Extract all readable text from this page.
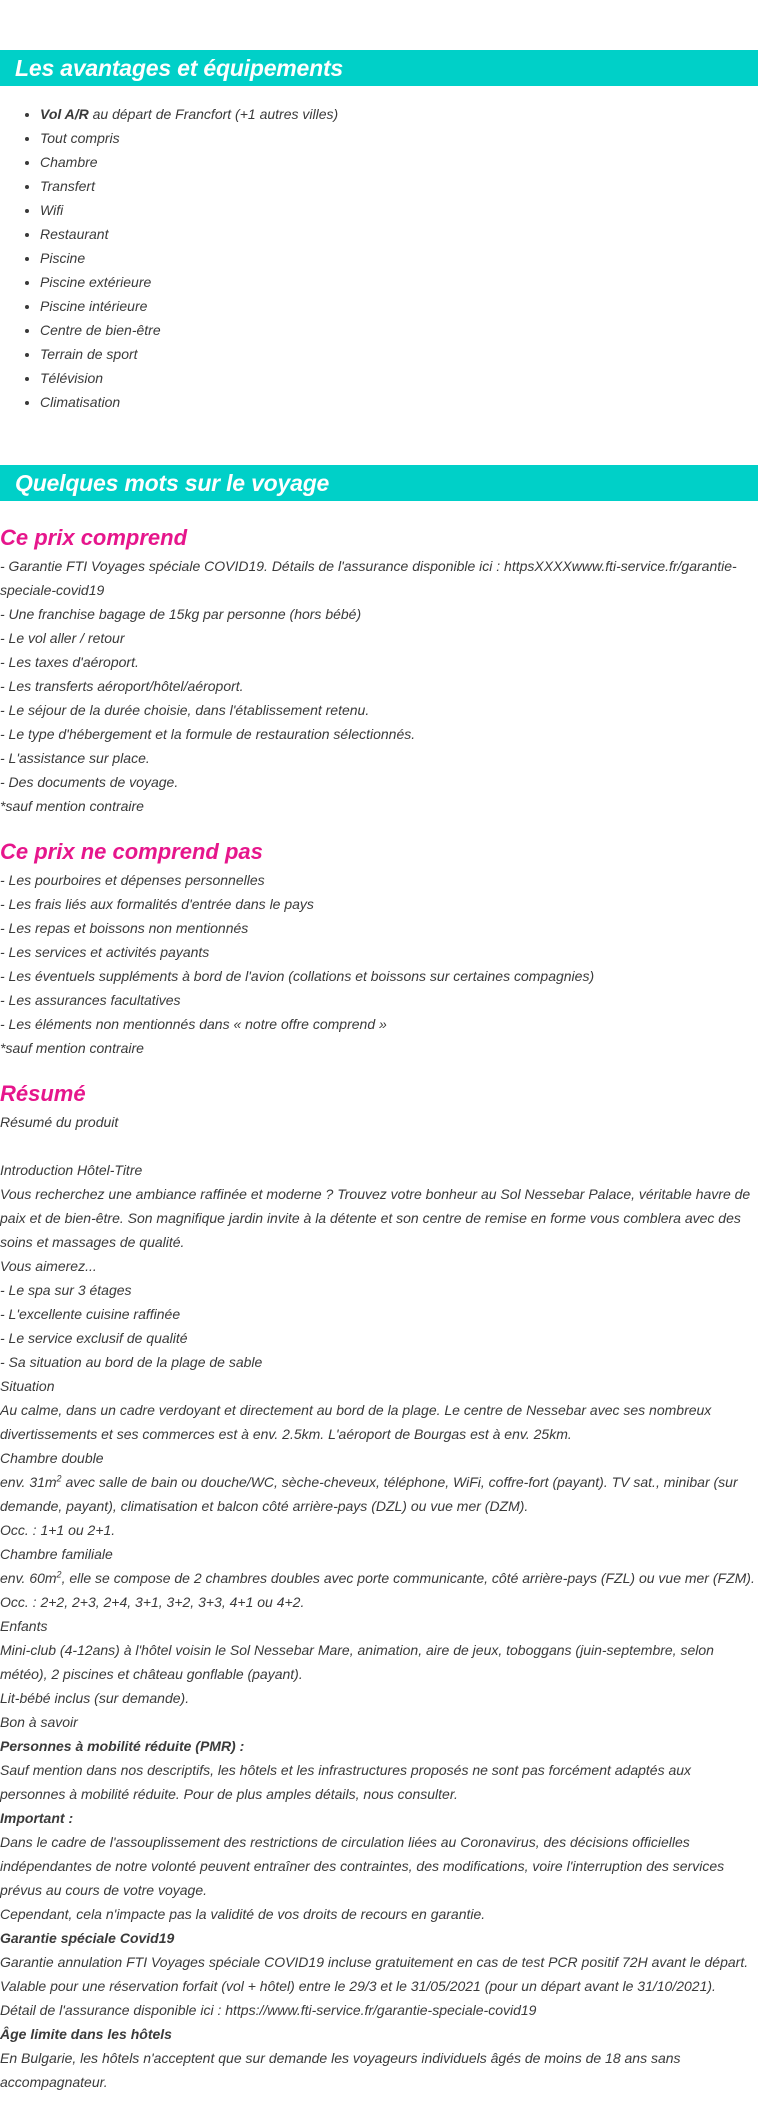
Les avantages et équipements
• Vol A/R au départ de Francfort (+1 autres villes)
• Tout compris
• Chambre
• Transfert
• Wifi
• Restaurant
• Piscine
• Piscine extérieure
• Piscine intérieure
• Centre de bien-être
• Terrain de sport
• Télévision
• Climatisation
Quelques mots sur le voyage
Ce prix comprend
- Garantie FTI Voyages spéciale COVID19. Détails de l'assurance disponible ici : httpsXXXXwww.fti-service.fr/garantie-speciale-covid19
- Une franchise bagage de 15kg par personne (hors bébé)
- Le vol aller / retour
- Les taxes d'aéroport.
- Les transferts aéroport/hôtel/aéroport.
- Le séjour de la durée choisie, dans l'établissement retenu.
- Le type d'hébergement et la formule de restauration sélectionnés.
- L'assistance sur place.
- Des documents de voyage.
*sauf mention contraire
Ce prix ne comprend pas
- Les pourboires et dépenses personnelles
- Les frais liés aux formalités d'entrée dans le pays
- Les repas et boissons non mentionnés
- Les services et activités payants
- Les éventuels suppléments à bord de l'avion (collations et boissons sur certaines compagnies)
- Les assurances facultatives
- Les éléments non mentionnés dans « notre offre comprend »
*sauf mention contraire
Résumé
Résumé du produit
Introduction Hôtel-Titre
Vous recherchez une ambiance raffinée et moderne ? Trouvez votre bonheur au Sol Nessebar Palace, véritable havre de paix et de bien-être. Son magnifique jardin invite à la détente et son centre de remise en forme vous comblera avec des soins et massages de qualité.
Vous aimerez...
- Le spa sur 3 étages
- L'excellente cuisine raffinée
- Le service exclusif de qualité
- Sa situation au bord de la plage de sable
Situation
Au calme, dans un cadre verdoyant et directement au bord de la plage. Le centre de Nessebar avec ses nombreux divertissements et ses commerces est à env. 2.5km. L'aéroport de Bourgas est à env. 25km.
Chambre double
env. $31m^2$ avec salle de bain ou douche/WC, sèche-cheveux, téléphone, WiFi, coffre-fort (payant). TV sat., minibar (sur demande, payant), climatisation et balcon côté arrière-pays (DZL) ou vue mer (DZM).
Occ. : 1+1 ou 2+1.
Chambre familiale
env. $60m^2$, elle se compose de 2 chambres doubles avec porte communicante, côté arrière-pays (FZL) ou vue mer (FZM).
Occ. : 2+2, 2+3, 2+4, 3+1, 3+2, 3+3, 4+1 ou 4+2.
Enfants
Mini-club (4-12ans) à l'hôtel voisin le Sol Nessebar Mare, animation, aire de jeux, toboggans (juin-septembre, selon météo), 2 piscines et château gonflable (payant).
Lit-bébé inclus (sur demande).
Bon à savoir
Personnes à mobilité réduite (PMR) :
Sauf mention dans nos descriptifs, les hôtels et les infrastructures proposés ne sont pas forcément adaptés aux personnes à mobilité réduite. Pour de plus amples détails, nous consulter.
Important :
Dans le cadre de l'assouplissement des restrictions de circulation liées au Coronavirus, des décisions officielles indépendantes de notre volonté peuvent entraîner des contraintes, des modifications, voire l'interruption des services prévus au cours de votre voyage.
Cependant, cela n'impacte pas la validité de vos droits de recours en garantie.
Garantie spéciale Covid19
Garantie annulation FTI Voyages spéciale COVID19 incluse gratuitement en cas de test PCR positif 72H avant le départ.
Valable pour une réservation forfait (vol + hôtel) entre le 29/3 et le 31/05/2021 (pour un départ avant le 31/10/2021).
Détail de l'assurance disponible ici : https://www.fti-service.fr/garantie-speciale-covid19
Âge limite dans les hôtels
En Bulgarie, les hôtels n'acceptent que sur demande les voyageurs individuels âgés de moins de 18 ans sans accompagnateur.
